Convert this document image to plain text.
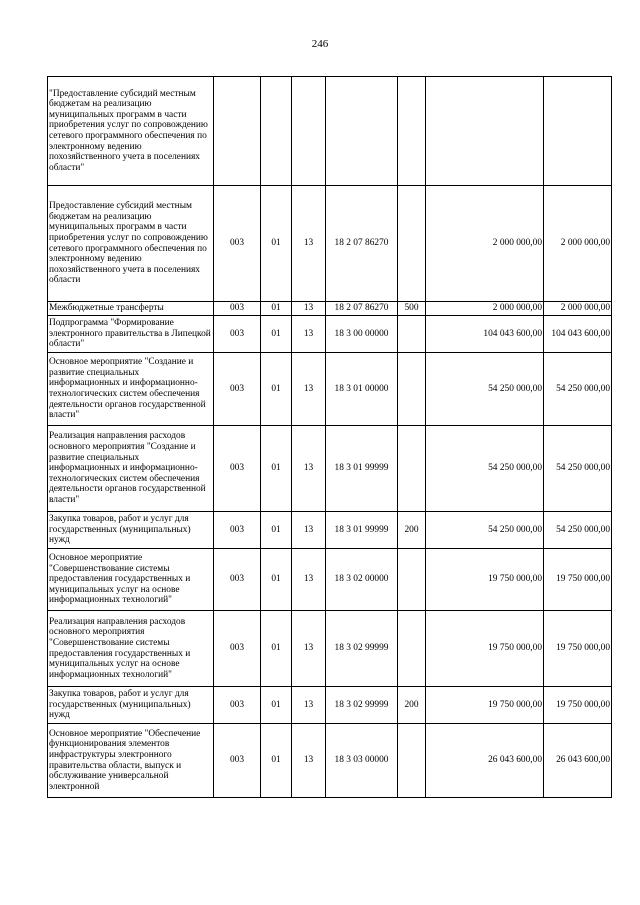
246
"Предоставление субсидий местным бюджетам на реализацию муниципальных программ в части приобретения услуг по сопровождению сетевого программного обеспечения по электронному ведению похозяйственного учета в поселениях области"							
Предоставление субсидий местным бюджетам на реализацию муниципальных программ в части приобретения услуг по сопровождению сетевого программного обеспечения по электронному ведению похозяйственного учета в поселениях области	003	01	13	18 2 07 86270		2 000 000,00	2 000 000,00
Межбюджетные трансферты	003	01	13	18 2 07 86270	500	2 000 000,00	2 000 000,00
Подпрограмма "Формирование электронного правительства в Липецкой области"	003	01	13	18 3 00 00000		104 043 600,00	104 043 600,00
Основное мероприятие "Создание и развитие специальных информационных и информационно-технологических систем обеспечения деятельности органов государственной власти"	003	01	13	18 3 01 00000		54 250 000,00	54 250 000,00
Реализация направления расходов основного мероприятия "Создание и развитие специальных информационных и информационно-технологических систем обеспечения деятельности органов государственной власти"	003	01	13	18 3 01 99999		54 250 000,00	54 250 000,00
Закупка товаров, работ и услуг для государственных (муниципальных) нужд	003	01	13	18 3 01 99999	200	54 250 000,00	54 250 000,00
Основное мероприятие "Совершенствование системы предоставления государственных и муниципальных услуг на основе информационных технологий"	003	01	13	18 3 02 00000		19 750 000,00	19 750 000,00
Реализация направления расходов основного мероприятия "Совершенствование системы предоставления государственных и муниципальных услуг на основе информационных технологий"	003	01	13	18 3 02 99999		19 750 000,00	19 750 000,00
Закупка товаров, работ и услуг для государственных (муниципальных) нужд	003	01	13	18 3 02 99999	200	19 750 000,00	19 750 000,00
Основное мероприятие "Обеспечение функционирования элементов инфраструктуры электронного правительства области, выпуск и обслуживание универсальной электронной	003	01	13	18 3 03 00000		26 043 600,00	26 043 600,00
